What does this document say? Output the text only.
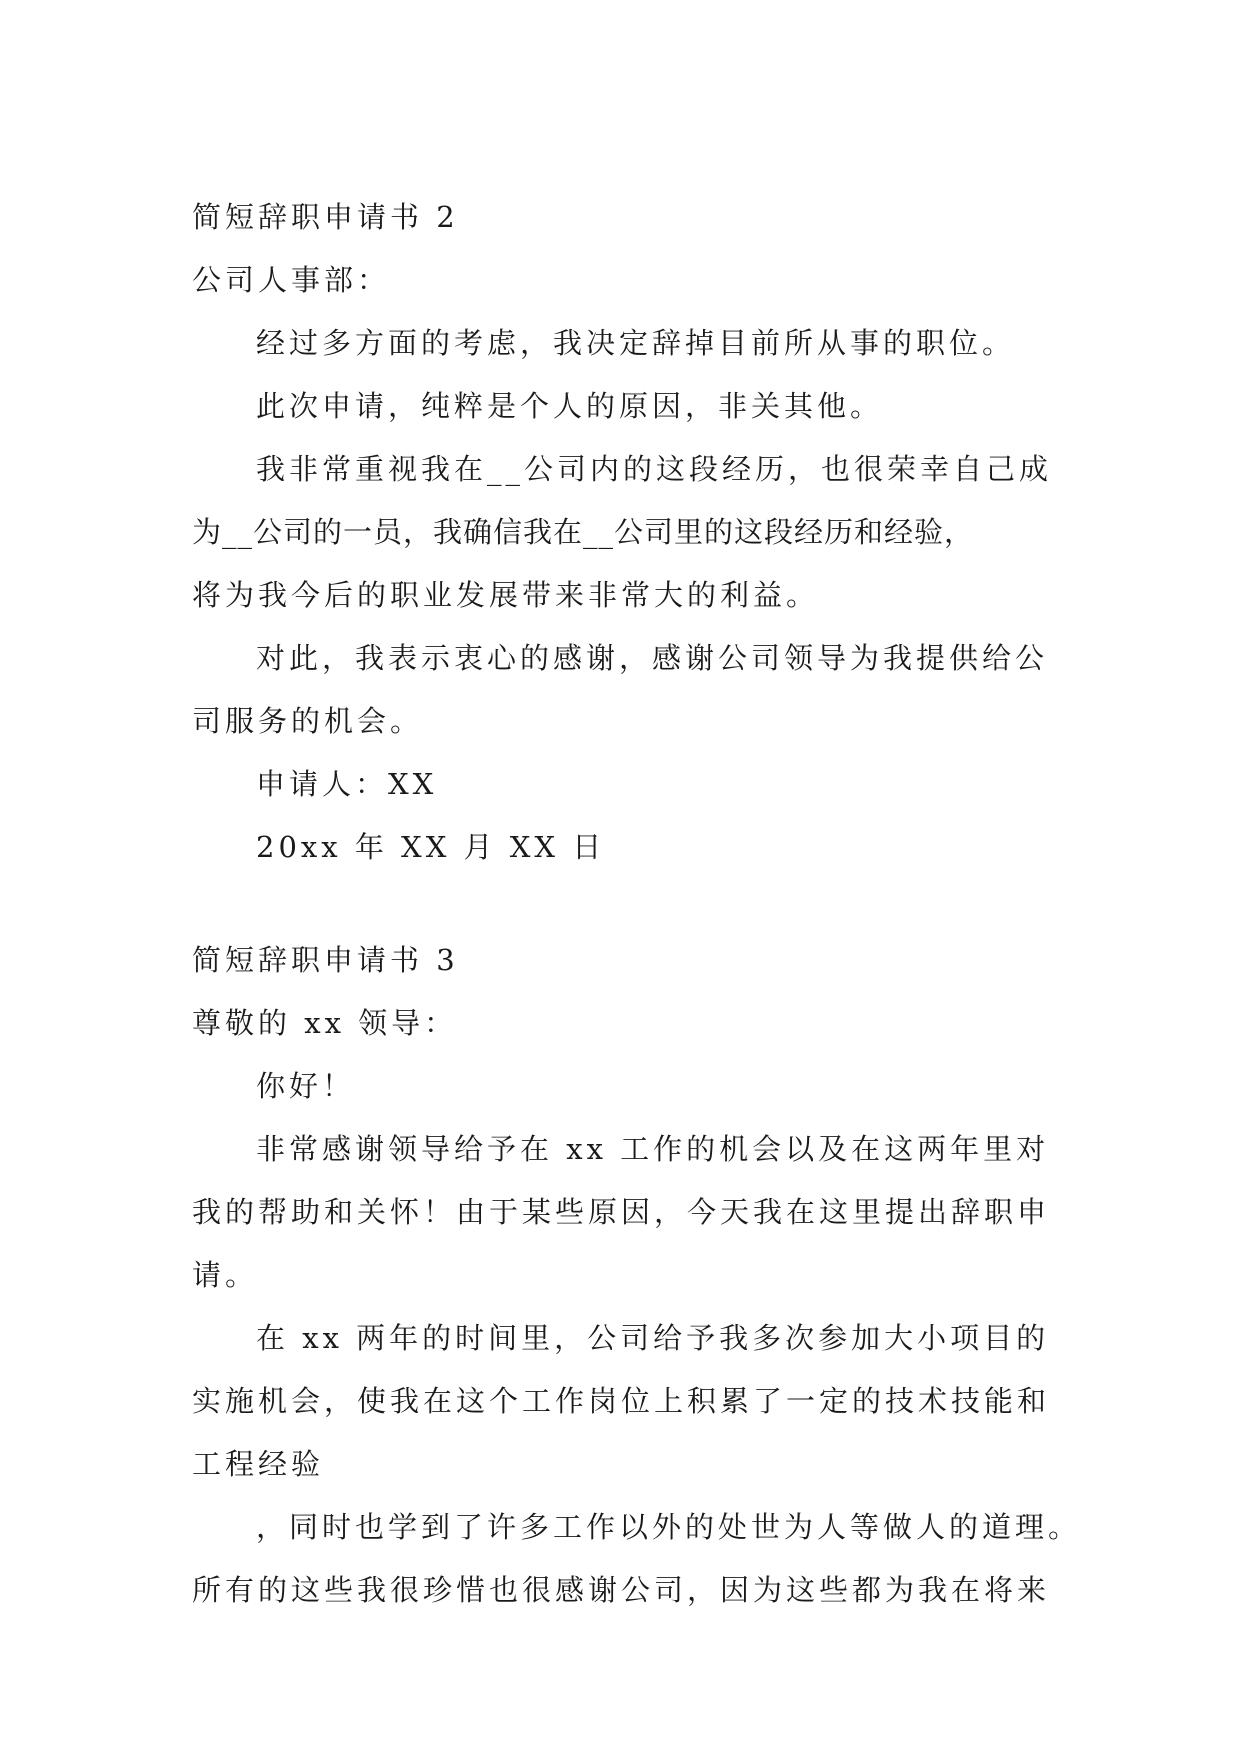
简短辞职申请书 2

公司人事部：

经过多方面的考虑，我决定辞掉目前所从事的职位。

此次申请，纯粹是个人的原因，非关其他。

我非常重视我在__公司内的这段经历，也很荣幸自己成

为__公司的一员，我确信我在__公司里的这段经历和经验，

将为我今后的职业发展带来非常大的利益。

对此，我表示衷心的感谢，感谢公司领导为我提供给公

司服务的机会。

申请人：XX

20xx 年 XX 月 XX 日

简短辞职申请书 3

尊敬的 xx 领导：

你好！

非常感谢领导给予在 xx 工作的机会以及在这两年里对

我的帮助和关怀！由于某些原因，今天我在这里提出辞职申

请。

在 xx 两年的时间里，公司给予我多次参加大小项目的

实施机会，使我在这个工作岗位上积累了一定的技术技能和

工程经验

，同时也学到了许多工作以外的处世为人等做人的道理。

所有的这些我很珍惜也很感谢公司，因为这些都为我在将来
